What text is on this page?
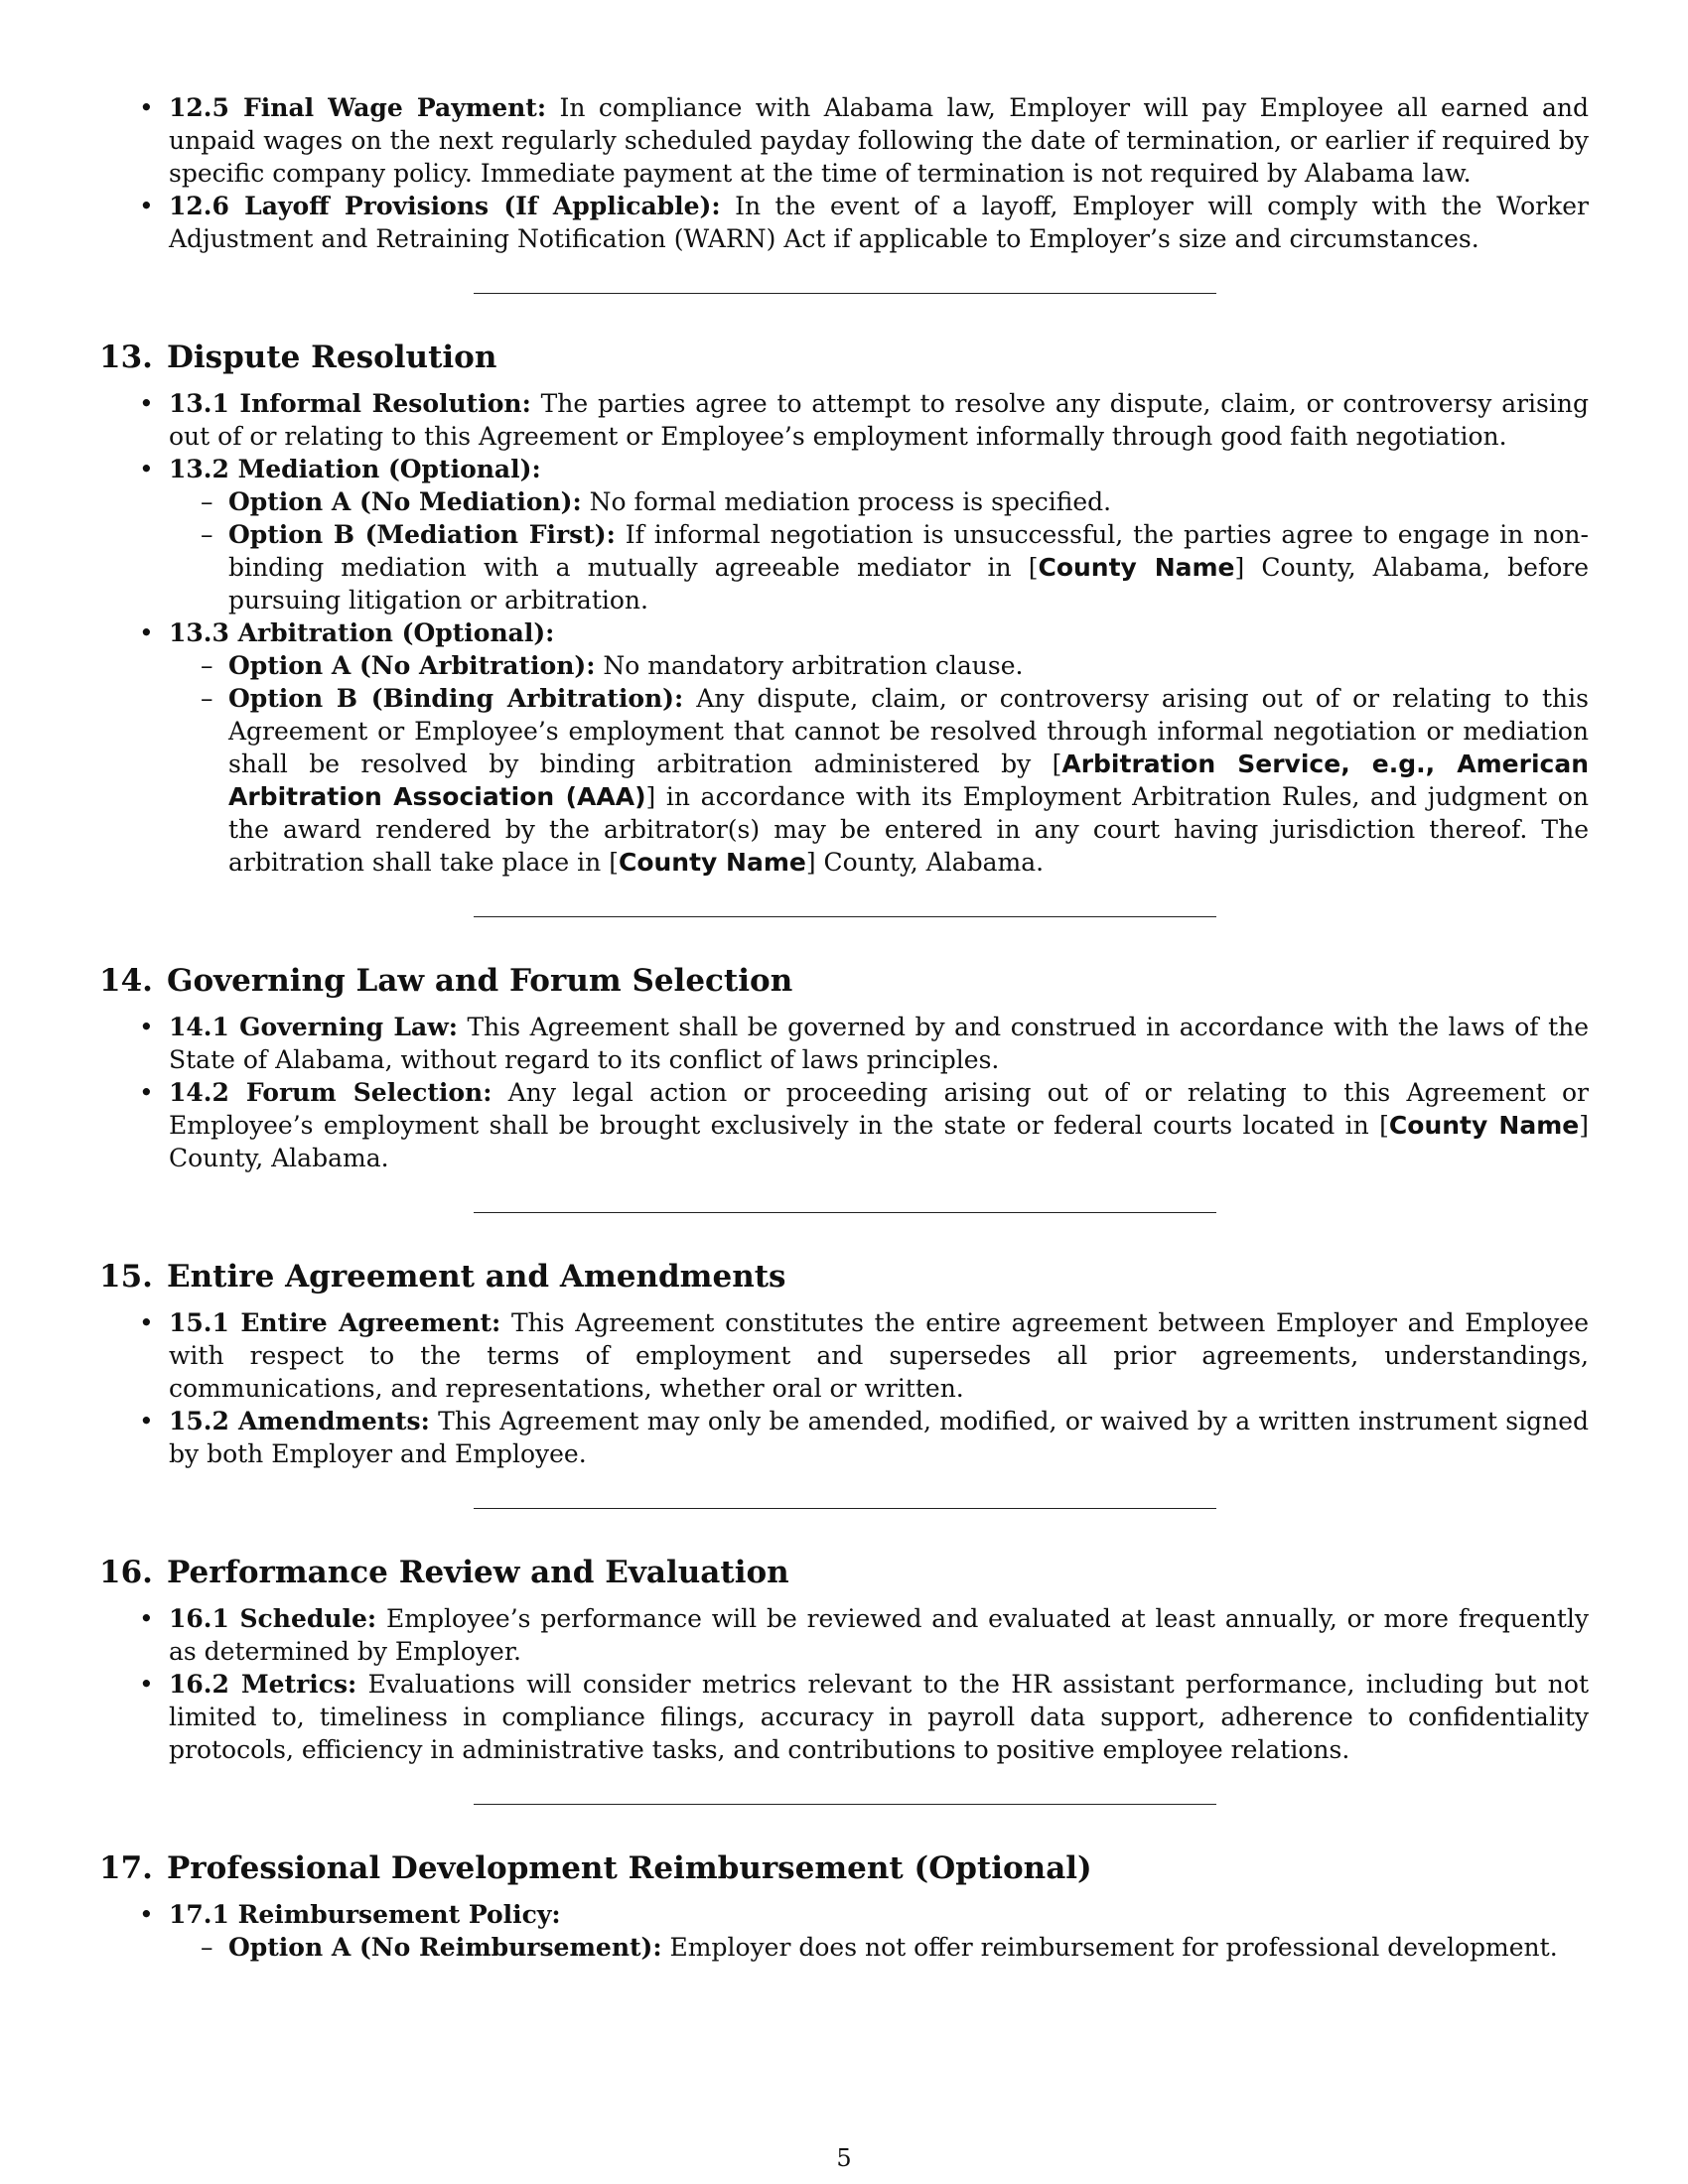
• 12.5 Final Wage Payment: In compliance with Alabama law, Employer will pay Employee all earned and unpaid wages on the next regularly scheduled payday following the date of termination, or earlier if required by specific company policy. Immediate payment at the time of termination is not required by Alabama law.
• 12.6 Layoff Provisions (If Applicable): In the event of a layoff, Employer will comply with the Worker Adjustment and Retraining Notification (WARN) Act if applicable to Employer’s size and circumstances.
13. Dispute Resolution
• 13.1 Informal Resolution: The parties agree to attempt to resolve any dispute, claim, or controversy arising out of or relating to this Agreement or Employee’s employment informally through good faith negotiation.
• 13.2 Mediation (Optional):
– Option A (No Mediation): No formal mediation process is specified.
– Option B (Mediation First): If informal negotiation is unsuccessful, the parties agree to engage in non-binding mediation with a mutually agreeable mediator in [County Name] County, Alabama, before pursuing litigation or arbitration.
• 13.3 Arbitration (Optional):
– Option A (No Arbitration): No mandatory arbitration clause.
– Option B (Binding Arbitration): Any dispute, claim, or controversy arising out of or relating to this Agreement or Employee’s employment that cannot be resolved through informal negotiation or mediation shall be resolved by binding arbitration administered by [Arbitration Service, e.g., American Arbitration Association (AAA)] in accordance with its Employment Arbitration Rules, and judgment on the award rendered by the arbitrator(s) may be entered in any court having jurisdiction thereof. The arbitration shall take place in [County Name] County, Alabama.
14. Governing Law and Forum Selection
• 14.1 Governing Law: This Agreement shall be governed by and construed in accordance with the laws of the State of Alabama, without regard to its conflict of laws principles.
• 14.2 Forum Selection: Any legal action or proceeding arising out of or relating to this Agreement or Employee’s employment shall be brought exclusively in the state or federal courts located in [County Name] County, Alabama.
15. Entire Agreement and Amendments
• 15.1 Entire Agreement: This Agreement constitutes the entire agreement between Employer and Employee with respect to the terms of employment and supersedes all prior agreements, understandings, communications, and representations, whether oral or written.
• 15.2 Amendments: This Agreement may only be amended, modified, or waived by a written instrument signed by both Employer and Employee.
16. Performance Review and Evaluation
• 16.1 Schedule: Employee’s performance will be reviewed and evaluated at least annually, or more frequently as determined by Employer.
• 16.2 Metrics: Evaluations will consider metrics relevant to the HR assistant performance, including but not limited to, timeliness in compliance filings, accuracy in payroll data support, adherence to confidentiality protocols, efficiency in administrative tasks, and contributions to positive employee relations.
17. Professional Development Reimbursement (Optional)
• 17.1 Reimbursement Policy:
– Option A (No Reimbursement): Employer does not offer reimbursement for professional development.
5
